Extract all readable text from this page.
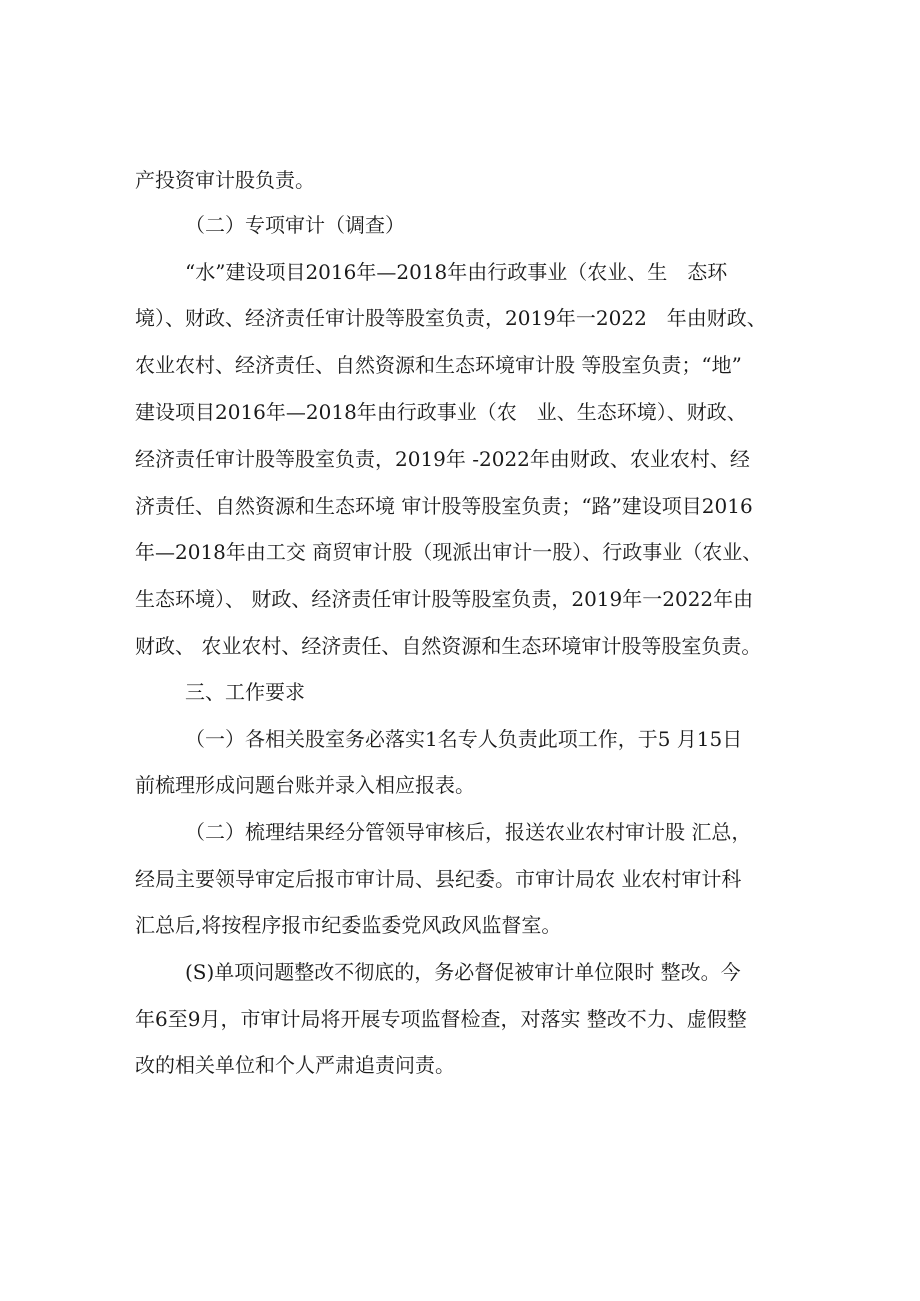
产投资审计股负责。
（二）专项审计（调查）
“水”建设项目2016年—2018年由行政事业（农业、生　态环
境）、财政、经济责任审计股等股室负责，2019年一2022　年由财政、
农业农村、经济责任、自然资源和生态环境审计股 等股室负责；“地”
建设项目2016年—2018年由行政事业（农　业、生态环境）、财政、
经济责任审计股等股室负责，2019年 -2022年由财政、农业农村、经
济责任、自然资源和生态环境 审计股等股室负责；“路”建设项目2016
年—2018年由工交 商贸审计股（现派出审计一股）、行政事业（农业、
生态环境）、 财政、经济责任审计股等股室负责，2019年一2022年由
财政、 农业农村、经济责任、自然资源和生态环境审计股等股室负责。
三、工作要求
（一）各相关股室务必落实1名专人负责此项工作，于5 月15日
前梳理形成问题台账并录入相应报表。
（二）梳理结果经分管领导审核后，报送农业农村审计股 汇总，
经局主要领导审定后报市审计局、县纪委。市审计局农 业农村审计科
汇总后,将按程序报市纪委监委党风政风监督室。
(S)单项问题整改不彻底的，务必督促被审计单位限时 整改。今
年6至9月，市审计局将开展专项监督检查，对落实 整改不力、虚假整
改的相关单位和个人严肃追责问责。
